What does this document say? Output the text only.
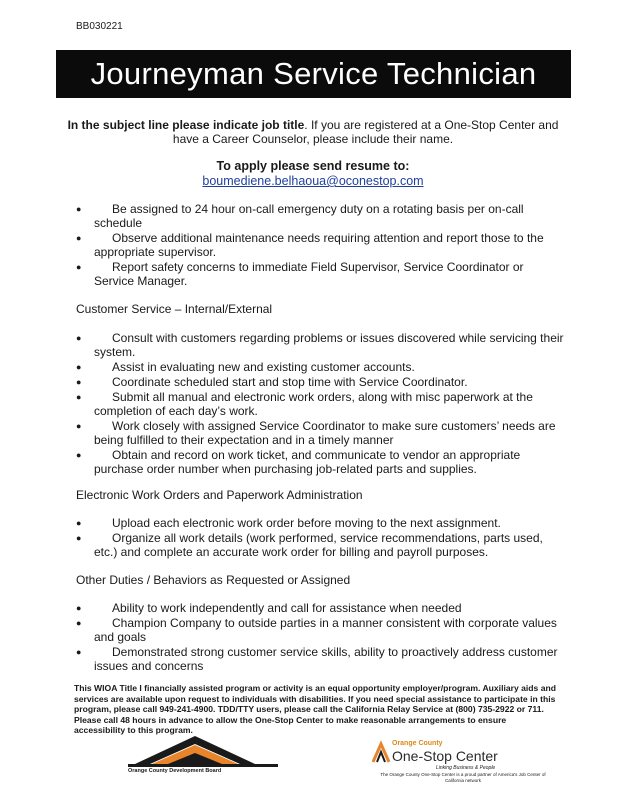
BB030221
Journeyman Service Technician
In the subject line please indicate job title. If you are registered at a One-Stop Center and have a Career Counselor, please include their name.
To apply please send resume to:
boumediene.belhaoua@oconestop.com
●	Be assigned to 24 hour on-call emergency duty on a rotating basis per on-call schedule
●	Observe additional maintenance needs requiring attention and report those to the appropriate supervisor.
●	Report safety concerns to immediate Field Supervisor, Service Coordinator or Service Manager.
Customer Service – Internal/External
●	Consult with customers regarding problems or issues discovered while servicing their system.
●	Assist in evaluating new and existing customer accounts.
●	Coordinate scheduled start and stop time with Service Coordinator.
●	Submit all manual and electronic work orders, along with misc paperwork at the completion of each day’s work.
●	Work closely with assigned Service Coordinator to make sure customers’ needs are being fulfilled to their expectation and in a timely manner
●	Obtain and record on work ticket, and communicate to vendor an appropriate purchase order number when purchasing job-related parts and supplies.
Electronic Work Orders and Paperwork Administration
●	Upload each electronic work order before moving to the next assignment.
●	Organize all work details (work performed, service recommendations, parts used, etc.) and complete an accurate work order for billing and payroll purposes.
Other Duties / Behaviors as Requested or Assigned
●	Ability to work independently and call for assistance when needed
●	Champion Company to outside parties in a manner consistent with corporate values and goals
●	Demonstrated strong customer service skills, ability to proactively address customer issues and concerns
This WIOA Title I financially assisted program or activity is an equal opportunity employer/program. Auxiliary aids and services are available upon request to individuals with disabilities. If you need special assistance to participate in this program, please call 949-241-4900. TDD/TTY users, please call the California Relay Service at (800) 735-2922 or 711. Please call 48 hours in advance to allow the One-Stop Center to make reasonable arrangements to ensure accessibility to this program.
Orange County Development Board
Orange County
One-Stop Center
Linking Business & People
The Orange County One-Stop Center is a proud partner of America's Job Center of California network
